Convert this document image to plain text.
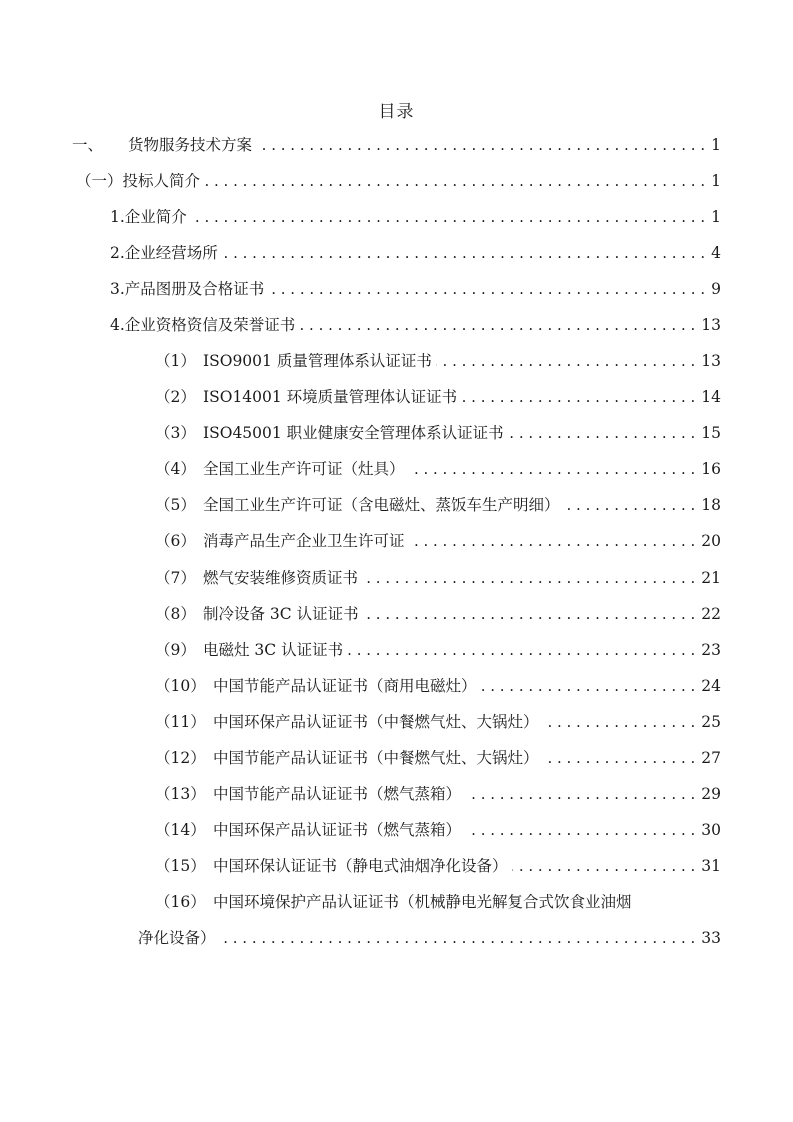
目录
一、	货物服务技术方案 . . .	1
（一） 投标人简介 . . .	1
1. 企业简介 . . .	1
2. 企业经营场所 . . .	4
3. 产品图册及合格证书 . . .	9
4. 企业资格资信及荣誉证书 . . .	13
（1） ISO9001 质量管理体系认证证书 . . .	13
（2） ISO14001 环境质量管理体认证证书 . . .	14
（3） ISO45001 职业健康安全管理体系认证证书 . . .	15
（4） 全国工业生产许可证（灶具） . . .	16
（5） 全国工业生产许可证（含电磁灶、蒸饭车生产明细） . . .	18
（6） 消毒产品生产企业卫生许可证 . . .	20
（7） 燃气安装维修资质证书 . . .	21
（8） 制冷设备 3C 认证证书 . . .	22
（9） 电磁灶 3C 认证证书 . . .	23
（10） 中国节能产品认证证书（商用电磁灶） . . .	24
（11） 中国环保产品认证证书（中餐燃气灶、大锅灶） . . .	25
（12） 中国节能产品认证证书（中餐燃气灶、大锅灶） . . .	27
（13） 中国节能产品认证证书（燃气蒸箱） . . .	29
（14） 中国环保产品认证证书（燃气蒸箱） . . .	30
（15） 中国环保认证证书（静电式油烟净化设备） . . .	31
（16） 中国环境保护产品认证证书（机械静电光解复合式饮食业油烟
净化设备） . . .	33
